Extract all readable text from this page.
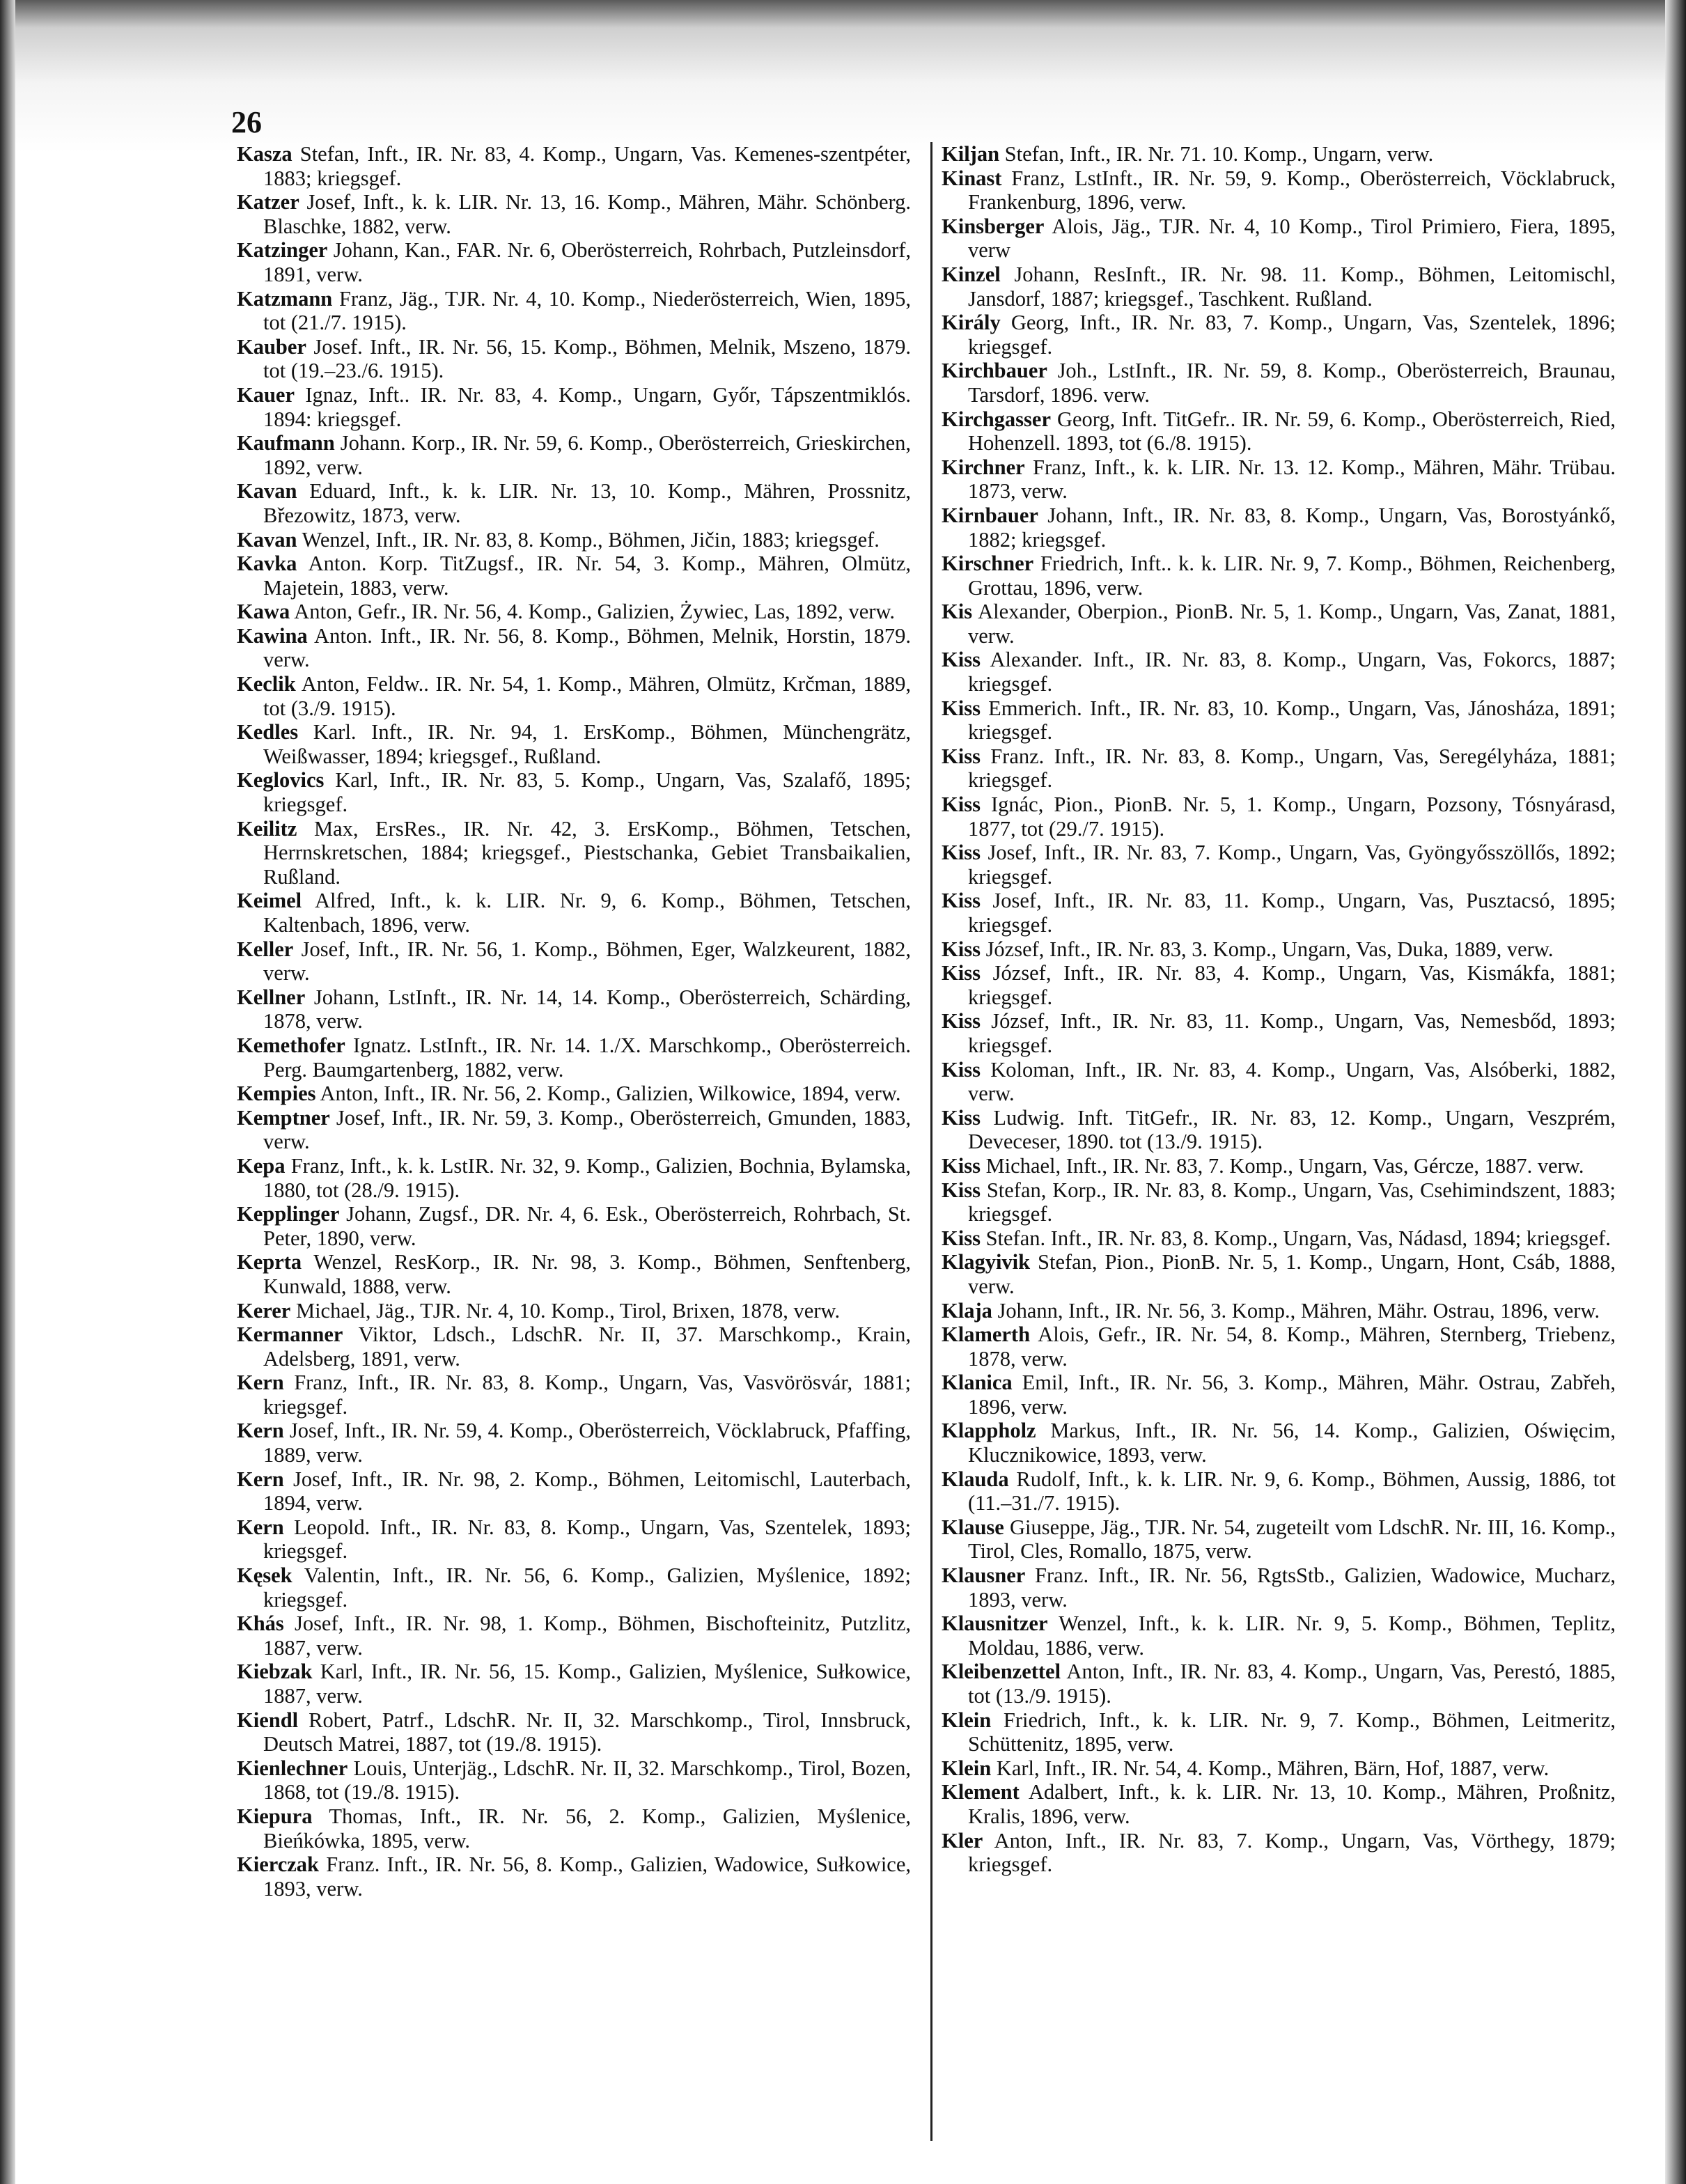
26
Kasza Stefan, Inft., IR. Nr. 83, 4. Komp., Ungarn, Vas. Kemenes-szentpéter, 1883; kriegsgef.
Katzer Josef, Inft., k. k. LIR. Nr. 13, 16. Komp., Mähren, Mähr. Schönberg. Blaschke, 1882, verw.
Katzinger Johann, Kan., FAR. Nr. 6, Oberösterreich, Rohrbach, Putzleinsdorf, 1891, verw.
Katzmann Franz, Jäg., TJR. Nr. 4, 10. Komp., Niederösterreich, Wien, 1895, tot (21./7. 1915).
Kauber Josef. Inft., IR. Nr. 56, 15. Komp., Böhmen, Melnik, Mszeno, 1879. tot (19.–23./6. 1915).
Kauer Ignaz, Inft.. IR. Nr. 83, 4. Komp., Ungarn, Győr, Tápszentmiklós. 1894: kriegsgef.
Kaufmann Johann. Korp., IR. Nr. 59, 6. Komp., Oberösterreich, Grieskirchen, 1892, verw.
Kavan Eduard, Inft., k. k. LIR. Nr. 13, 10. Komp., Mähren, Prossnitz, Březowitz, 1873, verw.
Kavan Wenzel, Inft., IR. Nr. 83, 8. Komp., Böhmen, Jičin, 1883; kriegsgef.
Kavka Anton. Korp. TitZugsf., IR. Nr. 54, 3. Komp., Mähren, Olmütz, Majetein, 1883, verw.
Kawa Anton, Gefr., IR. Nr. 56, 4. Komp., Galizien, Żywiec, Las, 1892, verw.
Kawina Anton. Inft., IR. Nr. 56, 8. Komp., Böhmen, Melnik, Horstin, 1879. verw.
Keclik Anton, Feldw.. IR. Nr. 54, 1. Komp., Mähren, Olmütz, Krčman, 1889, tot (3./9. 1915).
Kedles Karl. Inft., IR. Nr. 94, 1. ErsKomp., Böhmen, Münchengrätz, Weißwasser, 1894; kriegsgef., Rußland.
Keglovics Karl, Inft., IR. Nr. 83, 5. Komp., Ungarn, Vas, Szalafő, 1895; kriegsgef.
Keilitz Max, ErsRes., IR. Nr. 42, 3. ErsKomp., Böhmen, Tetschen, Herrnskretschen, 1884; kriegsgef., Piestschanka, Gebiet Transbaikalien, Rußland.
Keimel Alfred, Inft., k. k. LIR. Nr. 9, 6. Komp., Böhmen, Tetschen, Kaltenbach, 1896, verw.
Keller Josef, Inft., IR. Nr. 56, 1. Komp., Böhmen, Eger, Walzkeurent, 1882, verw.
Kellner Johann, LstInft., IR. Nr. 14, 14. Komp., Oberösterreich, Schärding, 1878, verw.
Kemethofer Ignatz. LstInft., IR. Nr. 14. 1./X. Marschkomp., Oberösterreich. Perg. Baumgartenberg, 1882, verw.
Kempies Anton, Inft., IR. Nr. 56, 2. Komp., Galizien, Wilkowice, 1894, verw.
Kemptner Josef, Inft., IR. Nr. 59, 3. Komp., Oberösterreich, Gmunden, 1883, verw.
Kepa Franz, Inft., k. k. LstIR. Nr. 32, 9. Komp., Galizien, Bochnia, Bylamska, 1880, tot (28./9. 1915).
Kepplinger Johann, Zugsf., DR. Nr. 4, 6. Esk., Oberösterreich, Rohrbach, St. Peter, 1890, verw.
Keprta Wenzel, ResKorp., IR. Nr. 98, 3. Komp., Böhmen, Senftenberg, Kunwald, 1888, verw.
Kerer Michael, Jäg., TJR. Nr. 4, 10. Komp., Tirol, Brixen, 1878, verw.
Kermanner Viktor, Ldsch., LdschR. Nr. II, 37. Marschkomp., Krain, Adelsberg, 1891, verw.
Kern Franz, Inft., IR. Nr. 83, 8. Komp., Ungarn, Vas, Vasvörösvár, 1881; kriegsgef.
Kern Josef, Inft., IR. Nr. 59, 4. Komp., Oberösterreich, Vöcklabruck, Pfaffing, 1889, verw.
Kern Josef, Inft., IR. Nr. 98, 2. Komp., Böhmen, Leitomischl, Lauterbach, 1894, verw.
Kern Leopold. Inft., IR. Nr. 83, 8. Komp., Ungarn, Vas, Szentelek, 1893; kriegsgef.
Kęsek Valentin, Inft., IR. Nr. 56, 6. Komp., Galizien, Myślenice, 1892; kriegsgef.
Khás Josef, Inft., IR. Nr. 98, 1. Komp., Böhmen, Bischofteinitz, Putzlitz, 1887, verw.
Kiebzak Karl, Inft., IR. Nr. 56, 15. Komp., Galizien, Myślenice, Sułkowice, 1887, verw.
Kiendl Robert, Patrf., LdschR. Nr. II, 32. Marschkomp., Tirol, Innsbruck, Deutsch Matrei, 1887, tot (19./8. 1915).
Kienlechner Louis, Unterjäg., LdschR. Nr. II, 32. Marschkomp., Tirol, Bozen, 1868, tot (19./8. 1915).
Kiepura Thomas, Inft., IR. Nr. 56, 2. Komp., Galizien, Myślenice, Bieńkówka, 1895, verw.
Kierczak Franz. Inft., IR. Nr. 56, 8. Komp., Galizien, Wadowice, Sułkowice, 1893, verw.
Kiljan Stefan, Inft., IR. Nr. 71. 10. Komp., Ungarn, verw.
Kinast Franz, LstInft., IR. Nr. 59, 9. Komp., Oberösterreich, Vöcklabruck, Frankenburg, 1896, verw.
Kinsberger Alois, Jäg., TJR. Nr. 4, 10 Komp., Tirol Primiero, Fiera, 1895, verw
Kinzel Johann, ResInft., IR. Nr. 98. 11. Komp., Böhmen, Leitomischl, Jansdorf, 1887; kriegsgef., Taschkent. Rußland.
Király Georg, Inft., IR. Nr. 83, 7. Komp., Ungarn, Vas, Szentelek, 1896; kriegsgef.
Kirchbauer Joh., LstInft., IR. Nr. 59, 8. Komp., Oberösterreich, Braunau, Tarsdorf, 1896. verw.
Kirchgasser Georg, Inft. TitGefr.. IR. Nr. 59, 6. Komp., Oberösterreich, Ried, Hohenzell. 1893, tot (6./8. 1915).
Kirchner Franz, Inft., k. k. LIR. Nr. 13. 12. Komp., Mähren, Mähr. Trübau. 1873, verw.
Kirnbauer Johann, Inft., IR. Nr. 83, 8. Komp., Ungarn, Vas, Borostyánkő, 1882; kriegsgef.
Kirschner Friedrich, Inft.. k. k. LIR. Nr. 9, 7. Komp., Böhmen, Reichenberg, Grottau, 1896, verw.
Kis Alexander, Oberpion., PionB. Nr. 5, 1. Komp., Ungarn, Vas, Zanat, 1881, verw.
Kiss Alexander. Inft., IR. Nr. 83, 8. Komp., Ungarn, Vas, Fokorcs, 1887; kriegsgef.
Kiss Emmerich. Inft., IR. Nr. 83, 10. Komp., Ungarn, Vas, Jánosháza, 1891; kriegsgef.
Kiss Franz. Inft., IR. Nr. 83, 8. Komp., Ungarn, Vas, Seregélyháza, 1881; kriegsgef.
Kiss Ignác, Pion., PionB. Nr. 5, 1. Komp., Ungarn, Pozsony, Tósnyárasd, 1877, tot (29./7. 1915).
Kiss Josef, Inft., IR. Nr. 83, 7. Komp., Ungarn, Vas, Gyöngyősszöllős, 1892; kriegsgef.
Kiss Josef, Inft., IR. Nr. 83, 11. Komp., Ungarn, Vas, Pusztacsó, 1895; kriegsgef.
Kiss József, Inft., IR. Nr. 83, 3. Komp., Ungarn, Vas, Duka, 1889, verw.
Kiss József, Inft., IR. Nr. 83, 4. Komp., Ungarn, Vas, Kismákfa, 1881; kriegsgef.
Kiss József, Inft., IR. Nr. 83, 11. Komp., Ungarn, Vas, Nemesbőd, 1893; kriegsgef.
Kiss Koloman, Inft., IR. Nr. 83, 4. Komp., Ungarn, Vas, Alsóberki, 1882, verw.
Kiss Ludwig. Inft. TitGefr., IR. Nr. 83, 12. Komp., Ungarn, Veszprém, Deveceser, 1890. tot (13./9. 1915).
Kiss Michael, Inft., IR. Nr. 83, 7. Komp., Ungarn, Vas, Gércze, 1887. verw.
Kiss Stefan, Korp., IR. Nr. 83, 8. Komp., Ungarn, Vas, Csehimindszent, 1883; kriegsgef.
Kiss Stefan. Inft., IR. Nr. 83, 8. Komp., Ungarn, Vas, Nádasd, 1894; kriegsgef.
Klagyivik Stefan, Pion., PionB. Nr. 5, 1. Komp., Ungarn, Hont, Csáb, 1888, verw.
Klaja Johann, Inft., IR. Nr. 56, 3. Komp., Mähren, Mähr. Ostrau, 1896, verw.
Klamerth Alois, Gefr., IR. Nr. 54, 8. Komp., Mähren, Sternberg, Triebenz, 1878, verw.
Klanica Emil, Inft., IR. Nr. 56, 3. Komp., Mähren, Mähr. Ostrau, Zabřeh, 1896, verw.
Klappholz Markus, Inft., IR. Nr. 56, 14. Komp., Galizien, Oświęcim, Klucznikowice, 1893, verw.
Klauda Rudolf, Inft., k. k. LIR. Nr. 9, 6. Komp., Böhmen, Aussig, 1886, tot (11.–31./7. 1915).
Klause Giuseppe, Jäg., TJR. Nr. 54, zugeteilt vom LdschR. Nr. III, 16. Komp., Tirol, Cles, Romallo, 1875, verw.
Klausner Franz. Inft., IR. Nr. 56, RgtsStb., Galizien, Wadowice, Mucharz, 1893, verw.
Klausnitzer Wenzel, Inft., k. k. LIR. Nr. 9, 5. Komp., Böhmen, Teplitz, Moldau, 1886, verw.
Kleibenzettel Anton, Inft., IR. Nr. 83, 4. Komp., Ungarn, Vas, Perestó, 1885, tot (13./9. 1915).
Klein Friedrich, Inft., k. k. LIR. Nr. 9, 7. Komp., Böhmen, Leitmeritz, Schüttenitz, 1895, verw.
Klein Karl, Inft., IR. Nr. 54, 4. Komp., Mähren, Bärn, Hof, 1887, verw.
Klement Adalbert, Inft., k. k. LIR. Nr. 13, 10. Komp., Mähren, Proßnitz, Kralis, 1896, verw.
Kler Anton, Inft., IR. Nr. 83, 7. Komp., Ungarn, Vas, Vörthegy, 1879; kriegsgef.
